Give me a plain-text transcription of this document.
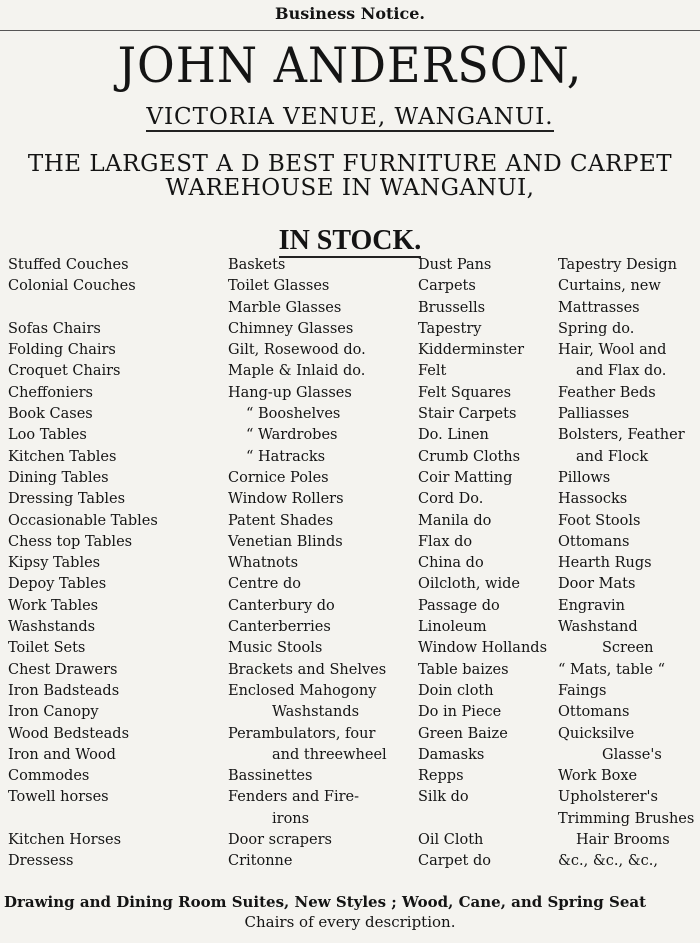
Business Notice.
JOHN ANDERSON,
VICTORIA VENUE, WANGANUI.
THE LARGEST A D BEST FURNITURE AND CARPET
WAREHOUSE IN WANGANUI,
IN STOCK.
Stuffed Couches
Colonial Couches
Sofas Chairs
Folding Chairs
Croquet Chairs
Cheffoniers
Book Cases
Loo Tables
Kitchen Tables
Dining Tables
Dressing Tables
Occasionable Tables
Chess top Tables
Kipsy Tables
Depoy Tables
Work Tables
Washstands
Toilet Sets
Chest Drawers
Iron Badsteads
Iron Canopy
Wood Bedsteads
Iron and Wood
Commodes
Towell horses
Kitchen Horses
Dressess
Baskets
Toilet Glasses
Marble Glasses
Chimney Glasses
Gilt, Rosewood do.
Maple & Inlaid do.
Hang-up Glasses
“ Booshelves
“ Wardrobes
“ Hatracks
Cornice Poles
Window Rollers
Patent Shades
Venetian Blinds
Whatnots
Centre do
Canterbury do
Canterberries
Music Stools
Brackets and Shelves
Enclosed Mahogony
Washstands
Perambulators, four
and threewheel
Bassinettes
Fenders and Fire-
irons
Door scrapers
Critonne
Dust Pans
Carpets
Brussells
Tapestry
Kidderminster
Felt
Felt Squares
Stair Carpets
Do. Linen
Crumb Cloths
Coir Matting
Cord Do.
Manila do
Flax do
China do
Oilcloth, wide
Passage do
Linoleum
Window Hollands
Table baizes
Doin cloth
Do in Piece
Green Baize
Damasks
Repps
Silk do
Oil Cloth
Carpet do
Tapestry Design
Curtains, new
Mattrasses
Spring do.
Hair, Wool and
and Flax do.
Feather Beds
Palliasses
Bolsters, Feather
and Flock
Pillows
Hassocks
Foot Stools
Ottomans
Hearth Rugs
Door Mats
Engravin
Washstand
Screen
“ Mats, table “
Faings
Ottomans
Quicksilve
Glasse's
Work Boxe
Upholsterer's
Trimming Brushes
Hair Brooms
&c., &c., &c.,
Drawing and Dining Room Suites, New Styles ; Wood, Cane, and Spring Seat
Chairs of every description.
